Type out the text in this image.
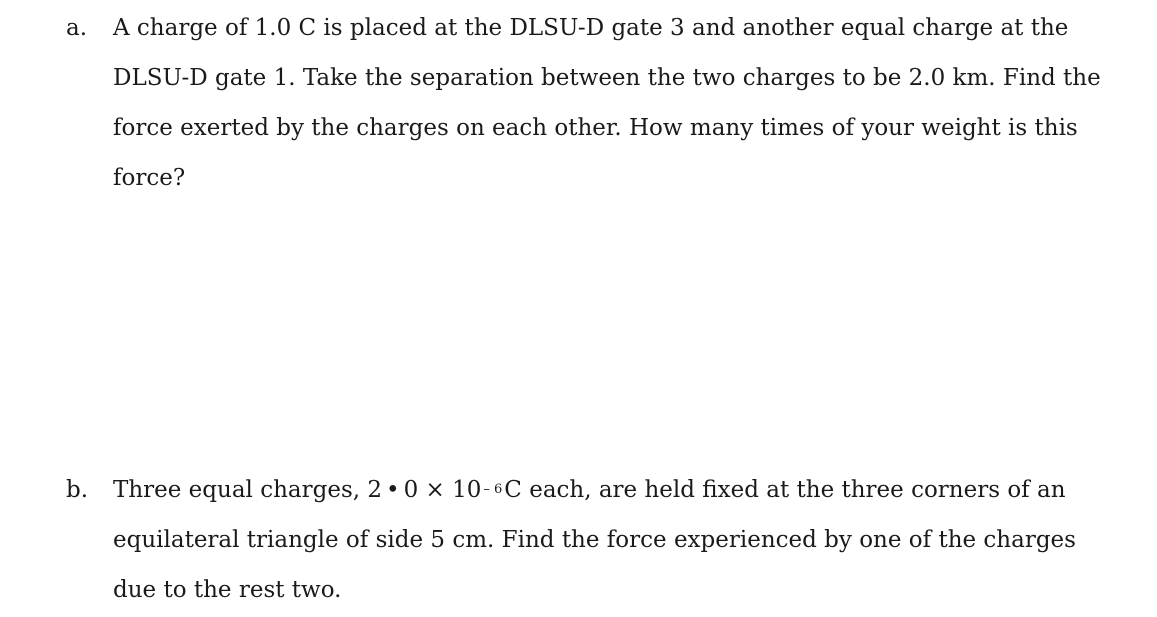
a. A charge of 1.0 C is placed at the DLSU-D gate 3 and another equal charge at the
DLSU-D gate 1. Take the separation between the two charges to be 2.0 km. Find the
force exerted by the charges on each other. How many times of your weight is this
force?
b. Three equal charges, 2 • 0 × 10 – 6C each, are held fixed at the three corners of an
equilateral triangle of side 5 cm. Find the force experienced by one of the charges
due to the rest two.
